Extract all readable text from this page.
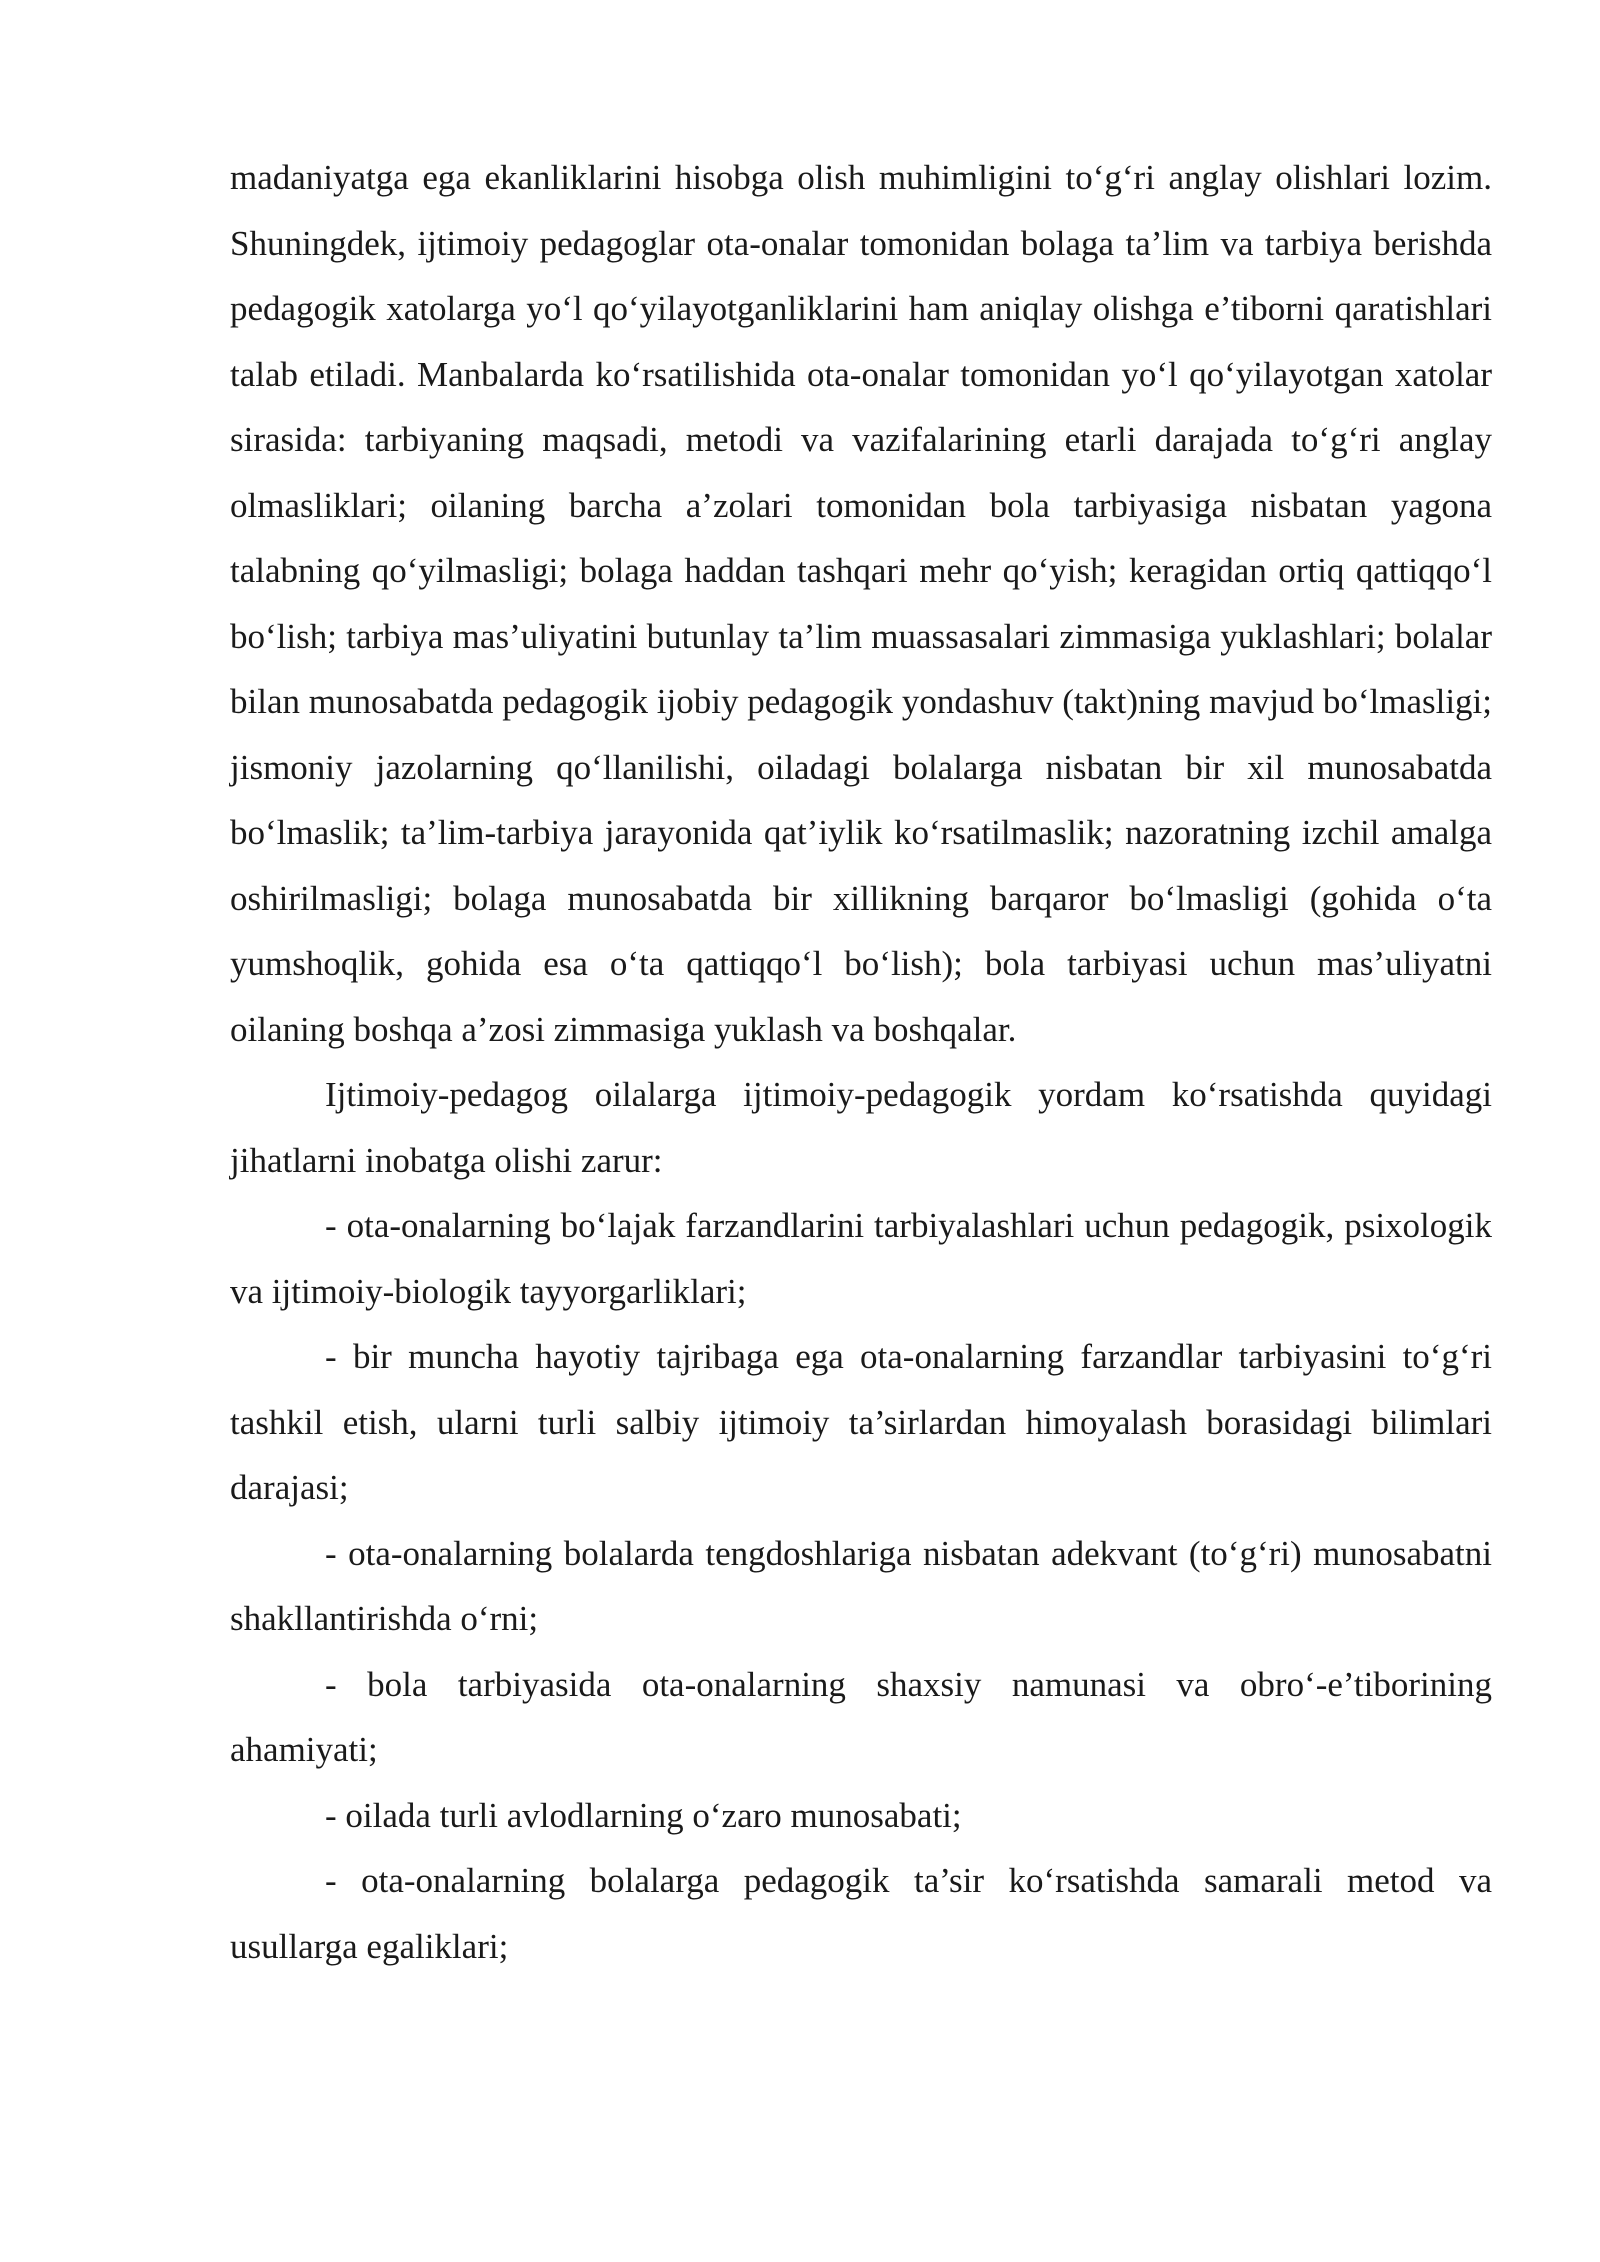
madaniyatga ega ekanliklarini hisobga olish muhimligini to‘g‘ri anglay olishlari lozim. Shuningdek, ijtimoiy pedagoglar ota-onalar tomonidan bolaga ta’lim va tarbiya berishda pedagogik xatolarga yo‘l qo‘yilayotganliklarini ham aniqlay olishga e’tiborni qaratishlari talab etiladi. Manbalarda ko‘rsatilishida ota-onalar tomonidan yo‘l qo‘yilayotgan xatolar sirasida: tarbiyaning maqsadi, metodi va vazifalarining etarli darajada to‘g‘ri anglay olmasliklari; oilaning barcha a’zolari tomonidan bola tarbiyasiga nisbatan yagona talabning qo‘yilmasligi; bolaga haddan tashqari mehr qo‘yish; keragidan ortiq qattiqqo‘l bo‘lish; tarbiya mas’uliyatini butunlay ta’lim muassasalari zimmasiga yuklashlari; bolalar bilan munosabatda pedagogik ijobiy pedagogik yondashuv (takt)ning mavjud bo‘lmasligi; jismoniy jazolarning qo‘llanilishi, oiladagi bolalarga nisbatan bir xil munosabatda bo‘lmaslik; ta’lim-tarbiya jarayonida qat’iylik ko‘rsatilmaslik; nazoratning izchil amalga oshirilmasligi; bolaga munosabatda bir xillikning barqaror bo‘lmasligi (gohida o‘ta yumshoqlik, gohida esa o‘ta qattiqqo‘l bo‘lish); bola tarbiyasi uchun mas’uliyatni oilaning boshqa a’zosi zimmasiga yuklash va boshqalar.

Ijtimoiy-pedagog oilalarga ijtimoiy-pedagogik yordam ko‘rsatishda quyidagi jihatlarni inobatga olishi zarur:

- ota-onalarning bo‘lajak farzandlarini tarbiyalashlari uchun pedagogik, psixologik va ijtimoiy-biologik tayyorgarliklari;

- bir muncha hayotiy tajribaga ega ota-onalarning farzandlar tarbiyasini to‘g‘ri tashkil etish, ularni turli salbiy ijtimoiy ta’sirlardan himoyalash borasidagi bilimlari darajasi;

- ota-onalarning bolalarda tengdoshlariga nisbatan adekvant (to‘g‘ri) munosabatni shakllantirishda o‘rni;

- bola tarbiyasida ota-onalarning shaxsiy namunasi va obro‘-e’tiborining ahamiyati;

- oilada turli avlodlarning o‘zaro munosabati;

- ota-onalarning bolalarga pedagogik ta’sir ko‘rsatishda samarali metod va usullarga egaliklari;
